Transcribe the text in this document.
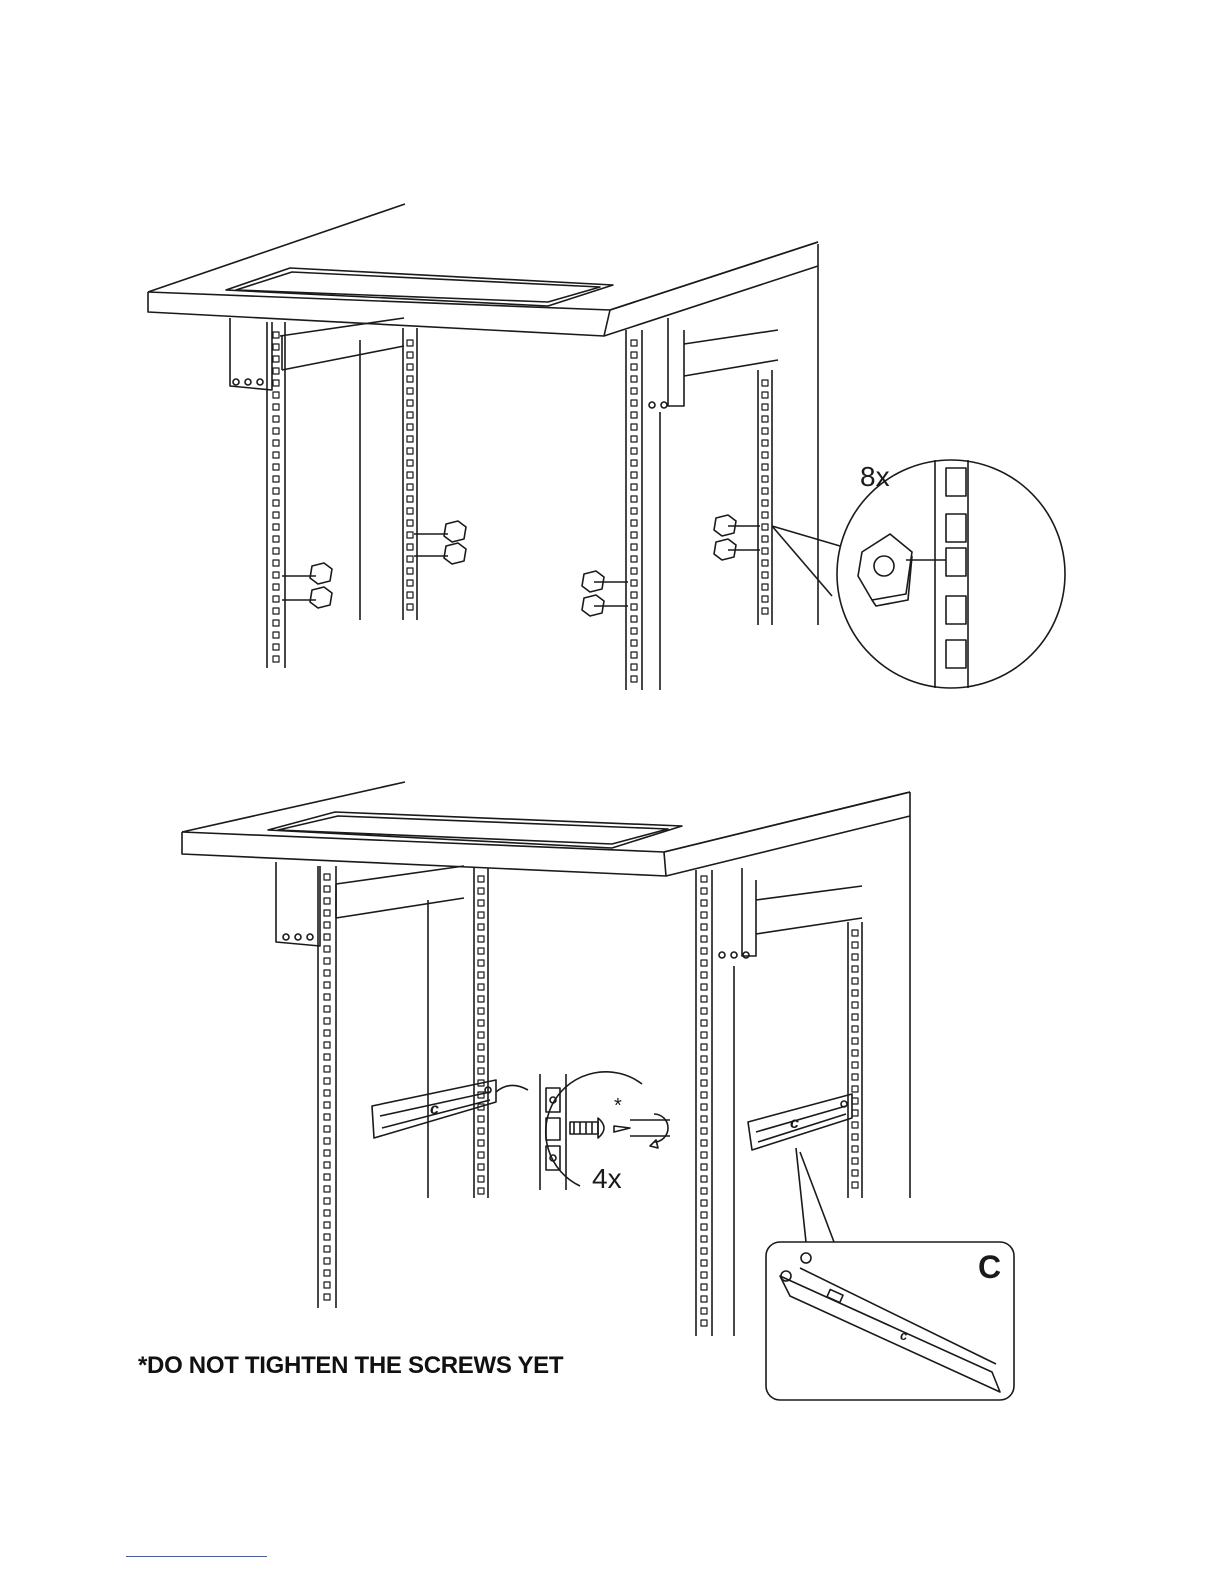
8x
c
c
*
4x
c
C

*DO NOT TIGHTEN THE SCREWS YET
